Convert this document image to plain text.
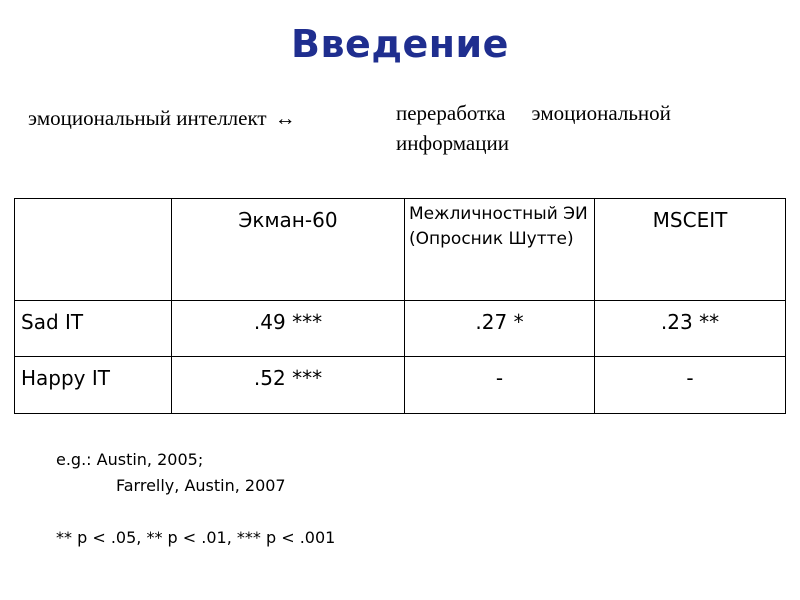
Введение
эмоциональный интеллект ↔	переработка эмоциональной
информации
	Экман-60	Межличностный ЭИ (Опросник Шутте)	MSCEIT
Sad IT	.49 ***	.27 *	.23 **
Happy IT	.52 ***	-	-
e.g.: Austin, 2005;
Farrelly, Austin, 2007
** p < .05, ** p < .01, *** p < .001
